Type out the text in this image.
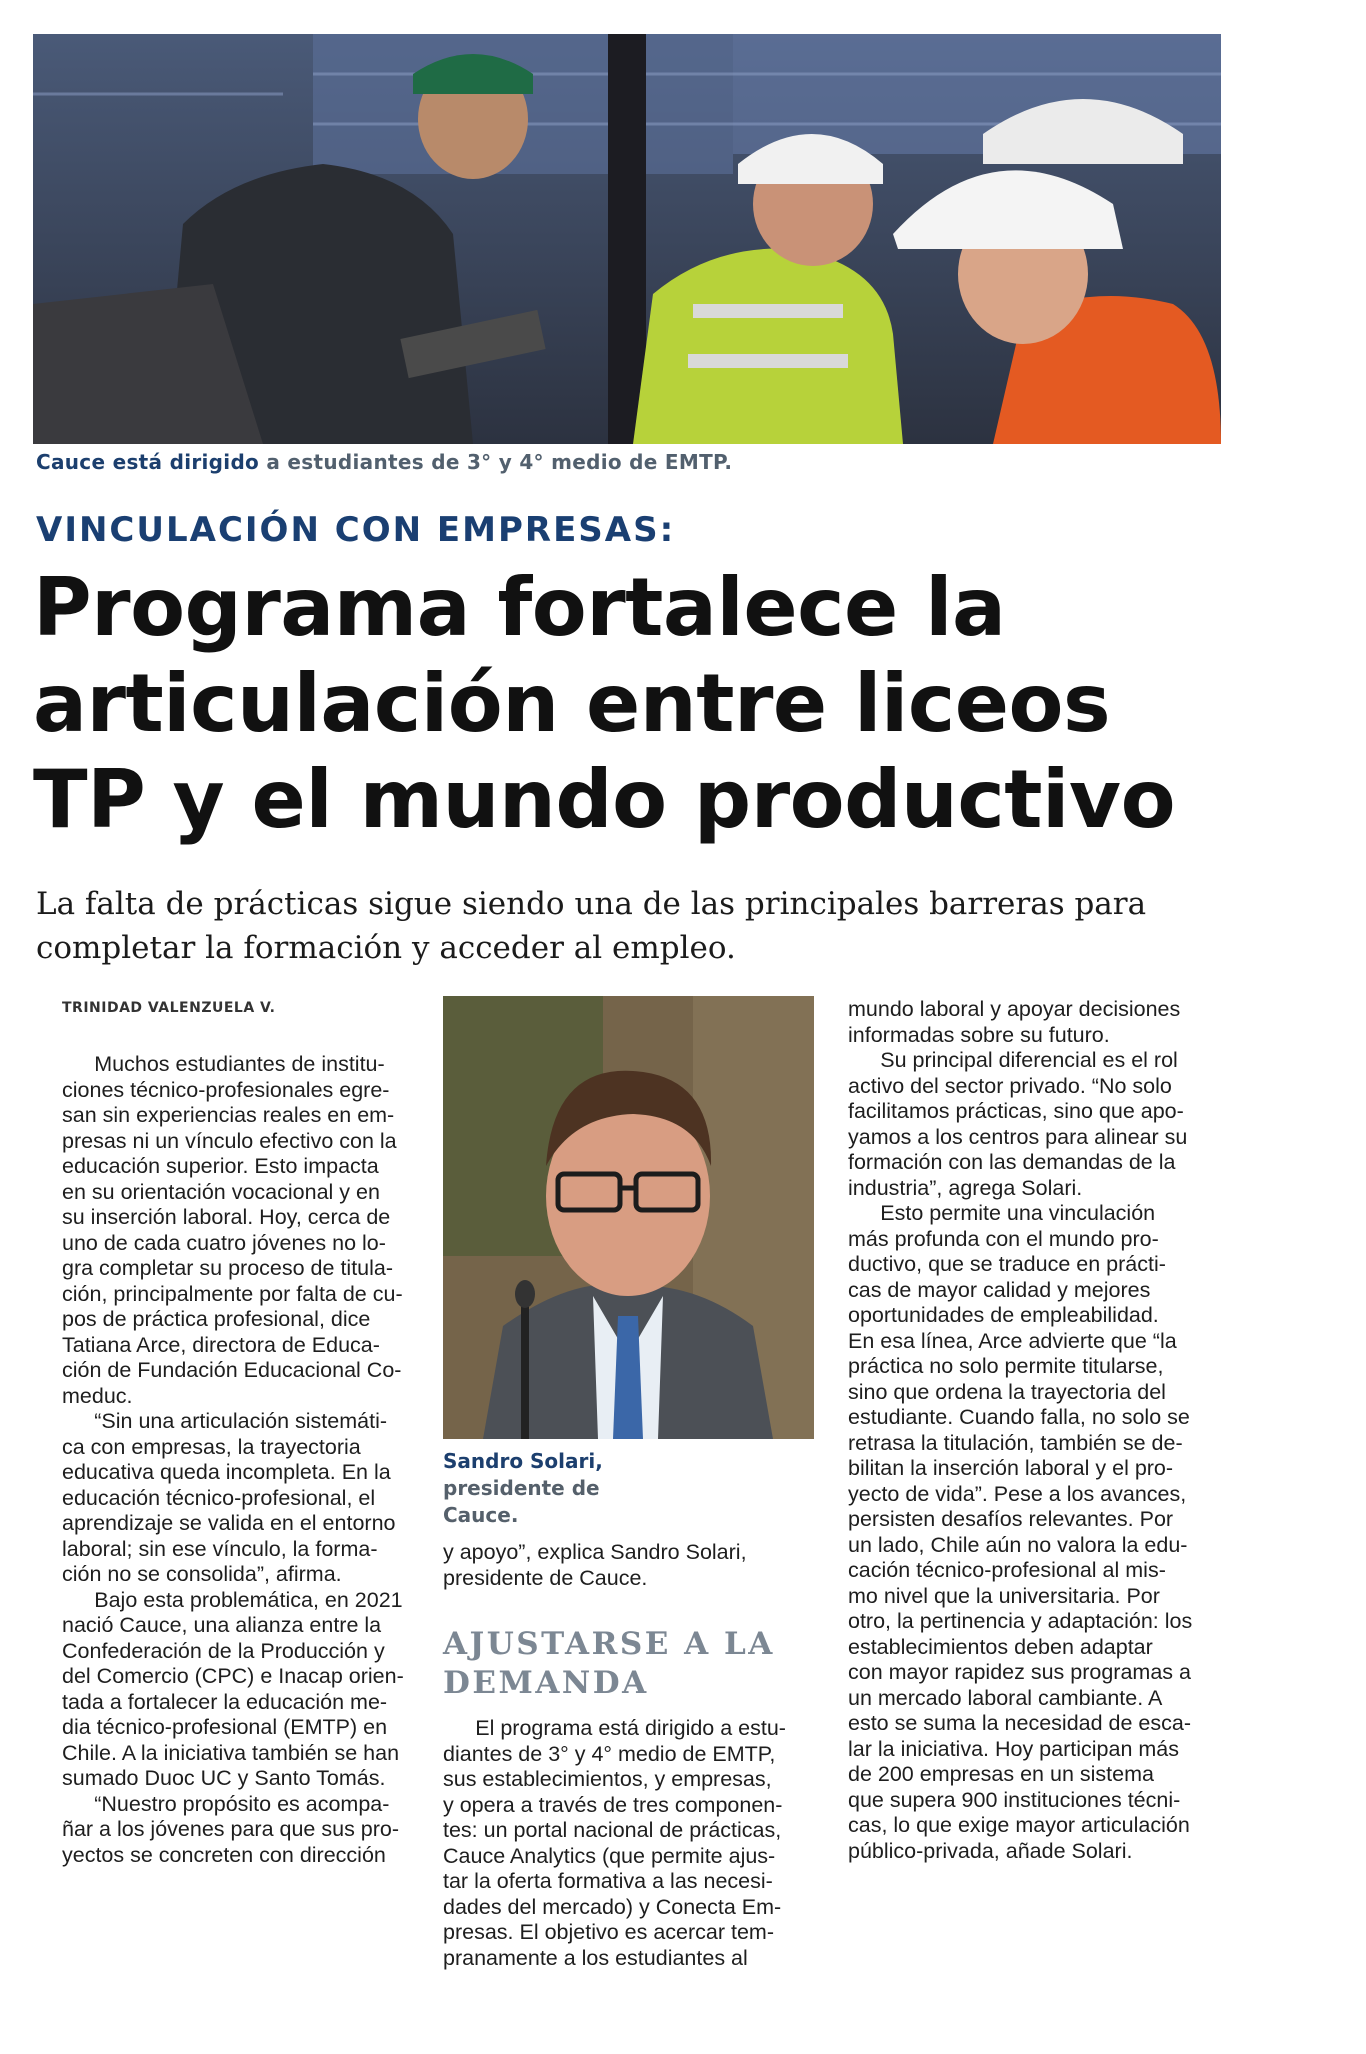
Cauce está dirigido a estudiantes de 3° y 4° medio de EMTP.
VINCULACIÓN CON EMPRESAS:
Programa fortalece la
articulación entre liceos
TP y el mundo productivo
La falta de prácticas sigue siendo una de las principales barreras para
completar la formación y acceder al empleo.
TRINIDAD VALENZUELA V.
  Muchos estudiantes de institu-
ciones técnico-profesionales egre-
san sin experiencias reales en em-
presas ni un vínculo efectivo con la
educación superior. Esto impacta
en su orientación vocacional y en
su inserción laboral. Hoy, cerca de
uno de cada cuatro jóvenes no lo-
gra completar su proceso de titula-
ción, principalmente por falta de cu-
pos de práctica profesional, dice
Tatiana Arce, directora de Educa-
ción de Fundación Educacional Co-
meduc.
  “Sin una articulación sistemáti-
ca con empresas, la trayectoria
educativa queda incompleta. En la
educación técnico-profesional, el
aprendizaje se valida en el entorno
laboral; sin ese vínculo, la forma-
ción no se consolida”, afirma.
  Bajo esta problemática, en 2021
nació Cauce, una alianza entre la
Confederación de la Producción y
del Comercio (CPC) e Inacap orien-
tada a fortalecer la educación me-
dia técnico-profesional (EMTP) en
Chile. A la iniciativa también se han
sumado Duoc UC y Santo Tomás.
  “Nuestro propósito es acompa-
ñar a los jóvenes para que sus pro-
yectos se concreten con dirección
Sandro Solari,
presidente de
Cauce.
y apoyo”, explica Sandro Solari,
presidente de Cauce.
AJUSTARSE A LA
DEMANDA
  El programa está dirigido a estu-
diantes de 3° y 4° medio de EMTP,
sus establecimientos, y empresas,
y opera a través de tres componen-
tes: un portal nacional de prácticas,
Cauce Analytics (que permite ajus-
tar la oferta formativa a las necesi-
dades del mercado) y Conecta Em-
presas. El objetivo es acercar tem-
pranamente a los estudiantes al
mundo laboral y apoyar decisiones
informadas sobre su futuro.
  Su principal diferencial es el rol
activo del sector privado. “No solo
facilitamos prácticas, sino que apo-
yamos a los centros para alinear su
formación con las demandas de la
industria”, agrega Solari.
  Esto permite una vinculación
más profunda con el mundo pro-
ductivo, que se traduce en prácti-
cas de mayor calidad y mejores
oportunidades de empleabilidad.
En esa línea, Arce advierte que “la
práctica no solo permite titularse,
sino que ordena la trayectoria del
estudiante. Cuando falla, no solo se
retrasa la titulación, también se de-
bilitan la inserción laboral y el pro-
yecto de vida”. Pese a los avances,
persisten desafíos relevantes. Por
un lado, Chile aún no valora la edu-
cación técnico-profesional al mis-
mo nivel que la universitaria. Por
otro, la pertinencia y adaptación: los
establecimientos deben adaptar
con mayor rapidez sus programas a
un mercado laboral cambiante. A
esto se suma la necesidad de esca-
lar la iniciativa. Hoy participan más
de 200 empresas en un sistema
que supera 900 instituciones técni-
cas, lo que exige mayor articulación
público-privada, añade Solari.
